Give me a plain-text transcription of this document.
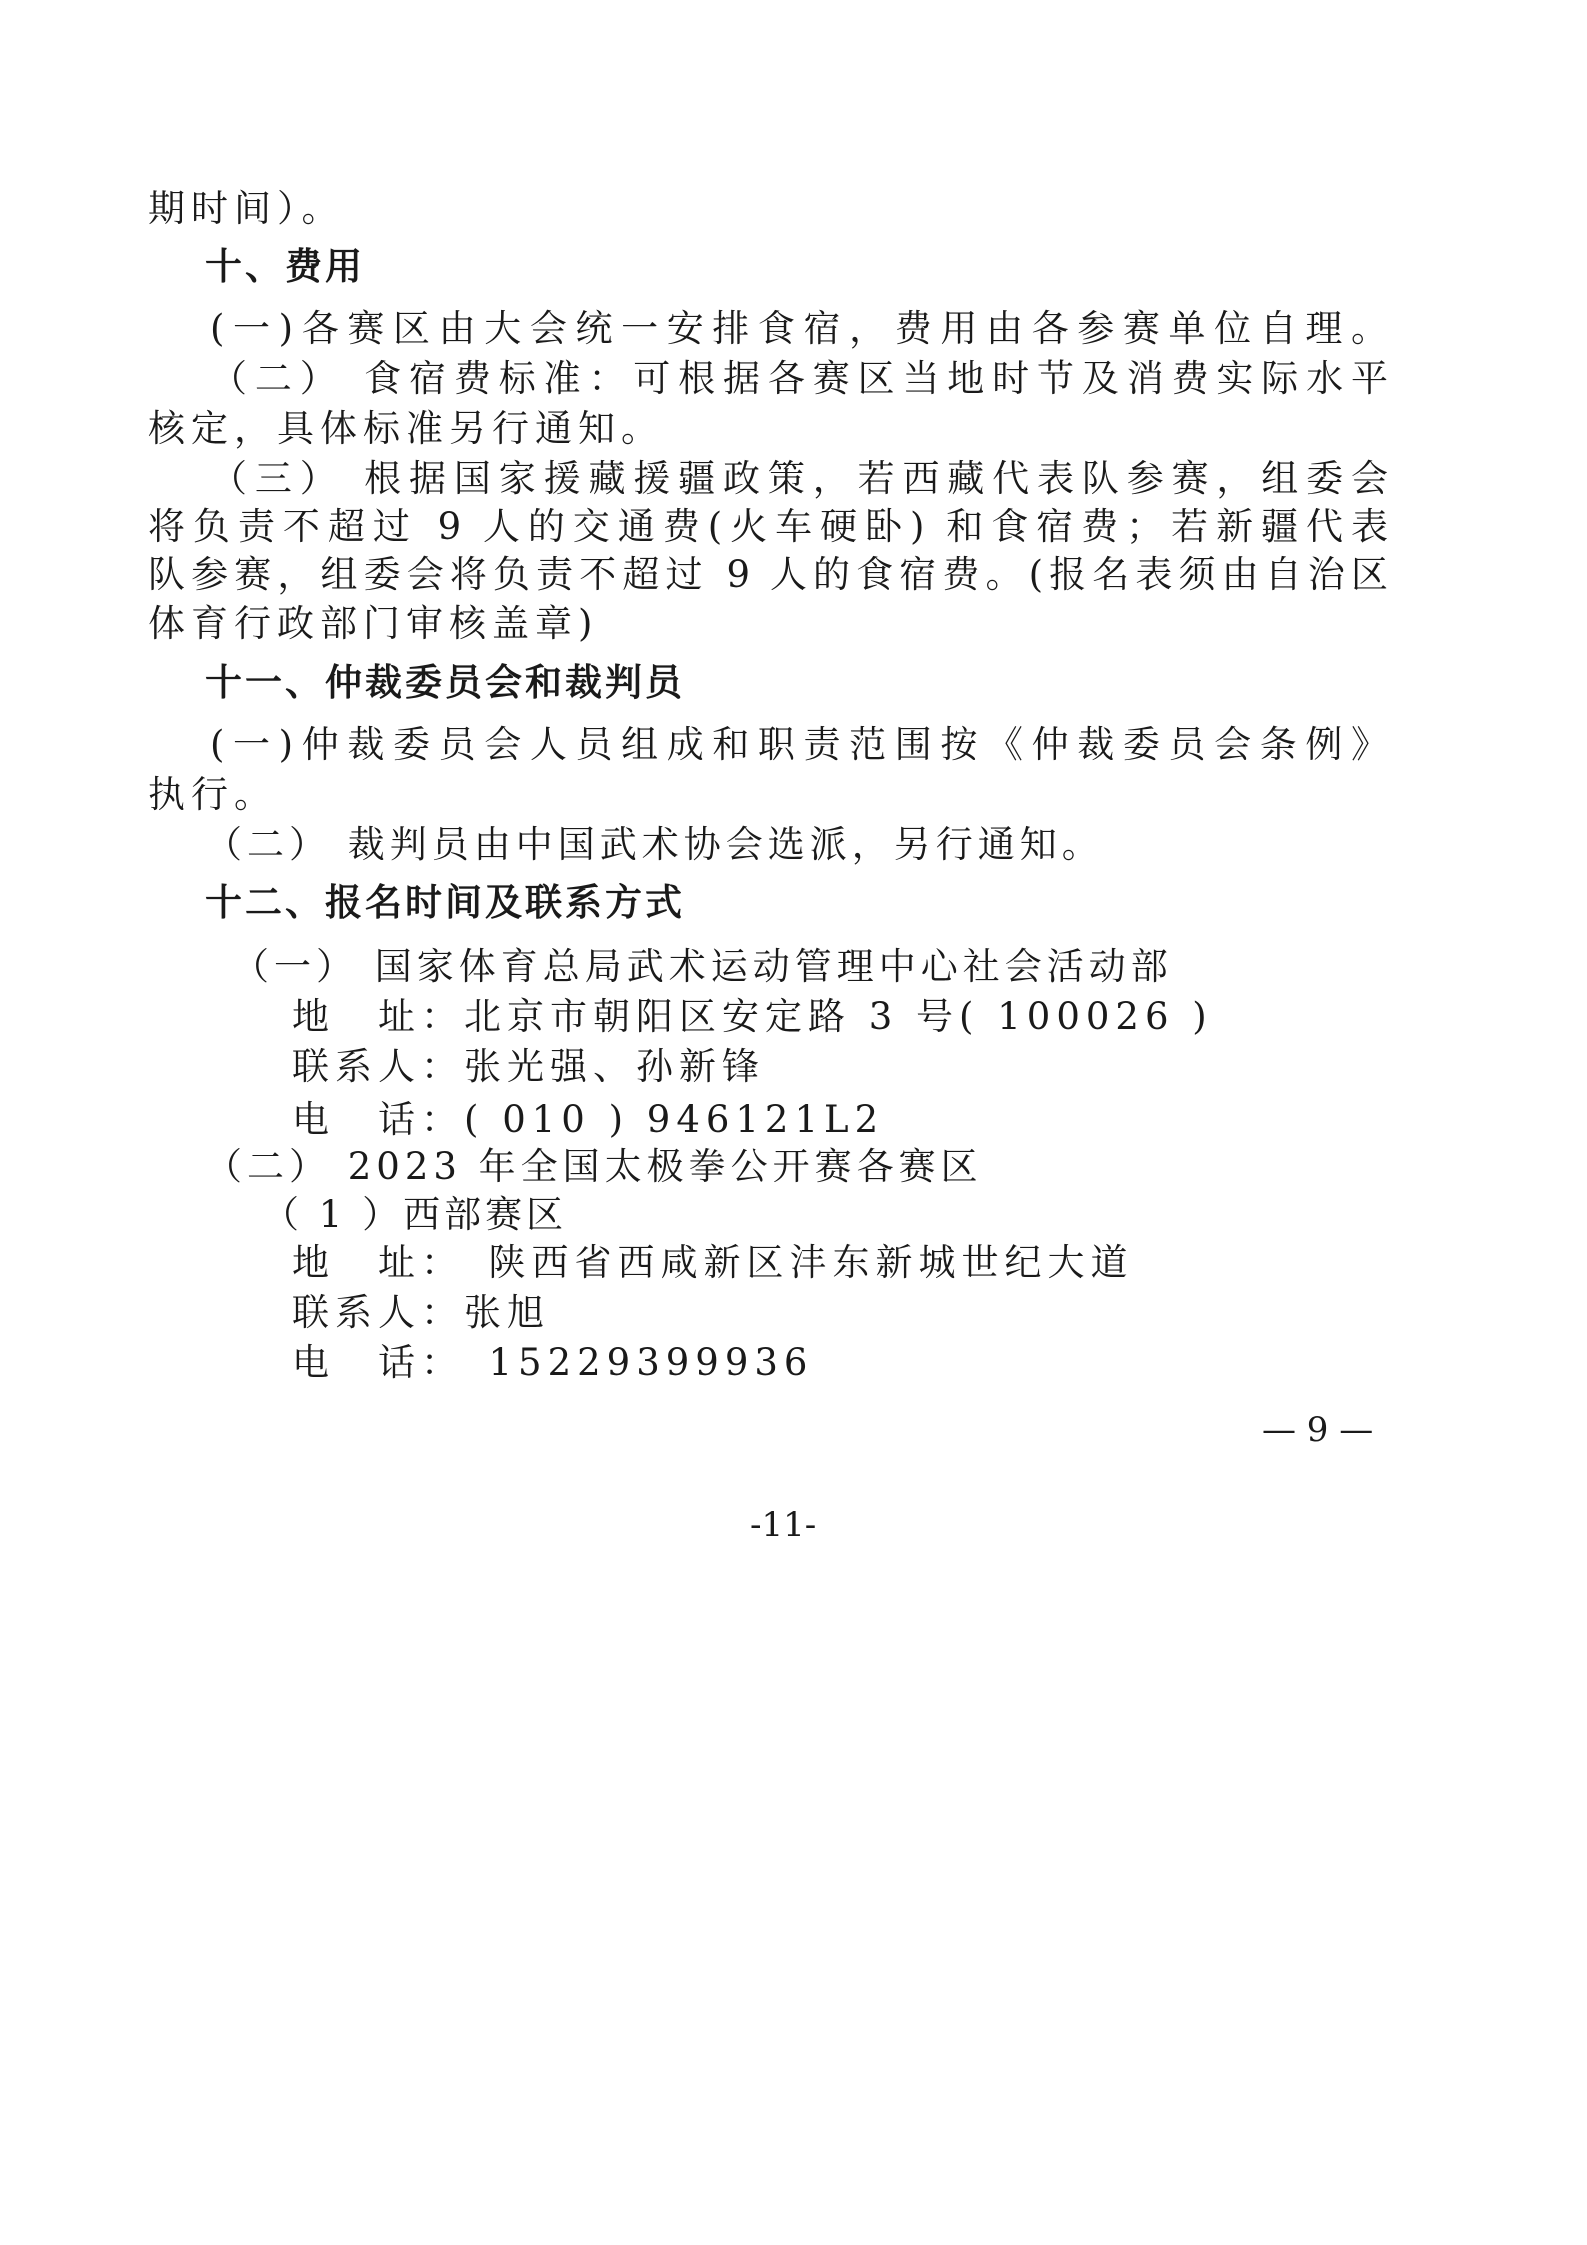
期时间）。
十、费用
(一)各赛区由大会统一安排食宿，费用由各参赛单位自理。
（二） 食宿费标准：可根据各赛区当地时节及消费实际水平
核定，具体标准另行通知。
（三） 根据国家援藏援疆政策，若西藏代表队参赛，组委会
将负责不超过 9 人的交通费(火车硬卧) 和食宿费；若新疆代表
队参赛，组委会将负责不超过 9 人的食宿费。(报名表须由自治区
体育行政部门审核盖章)
十一、仲裁委员会和裁判员
(一)仲裁委员会人员组成和职责范围按《仲裁委员会条例》
执行。
（二） 裁判员由中国武术协会选派，另行通知。
十二、报名时间及联系方式
（一） 国家体育总局武术运动管理中心社会活动部
地　址：北京市朝阳区安定路 3 号( 100026 )
联系人：张光强、孙新锋
电　话：( 010 ) 946121L2
（二） 2023 年全国太极拳公开赛各赛区
（ 1 ）西部赛区
地　址：　陕西省西咸新区沣东新城世纪大道
联系人：张旭
电　话：　15229399936
— 9 —
-11-
